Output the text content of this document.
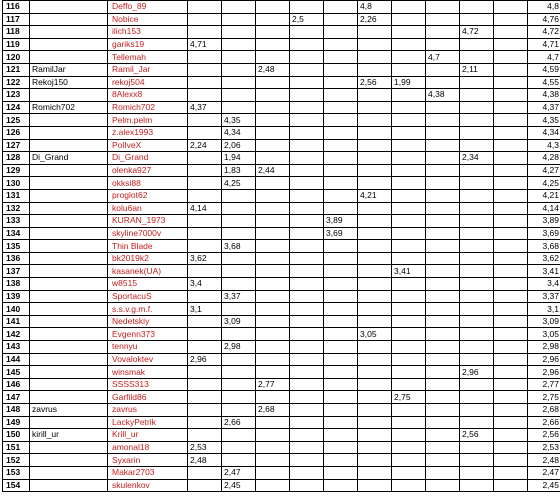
116		Deffo_89						4,8					4,8
117		Nobice				2,5		2,26					4,76
118		ilich153									4,72		4,72
119		gariks19	4,71										4,71
120		Tellemah								4,7			4,7
121	RamilJar	Ramil_Jar			2,48						2,11		4,59
122	Rekoj150	rekoj504						2,56	1,99				4,55
123		8Alexx8								4,38			4,38
124	Romich702	Romich702	4,37										4,37
125		Pelm.pelm		4,35									4,35
126		z.alex1993		4,34									4,34
127		PolIveX	2,24	2,06									4,3
128	Di_Grand	Di_Grand		1,94							2,34		4,28
129		olenka927		1,83	2,44								4,27
130		okksi88		4,25									4,25
131		proglot62						4,21					4,21
132		kolu6an	4,14										4,14
133		KURAN_1973					3,89						3,89
134		skyline7000v					3,69						3,69
135		Thin Blade		3,68									3,68
136		bk2019k2	3,62										3,62
137		kasanek(UA)							3,41				3,41
138		w8515	3,4										3,4
139		SportacuS		3,37									3,37
140		s.s.v.g.m.f.	3,1										3,1
141		Nedetskiy		3,09									3,09
142		Evgenn373						3,05					3,05
143		tennyu		2,98									2,98
144		Vovaloktev	2,96										2,96
145		winsmak									2,96		2,96
146		SSSS313			2,77								2,77
147		Garfild86							2,75				2,75
148	zavrus	zavrus			2,68								2,68
149		LackyPetrik		2,66									2,66
150	kirill_ur	Krill_ur									2,56		2,56
151		amonal18	2,53										2,53
152		Syxarin	2,48										2,48
153		Makar2703		2,47									2,47
154		skulenkov		2,45									2,45
